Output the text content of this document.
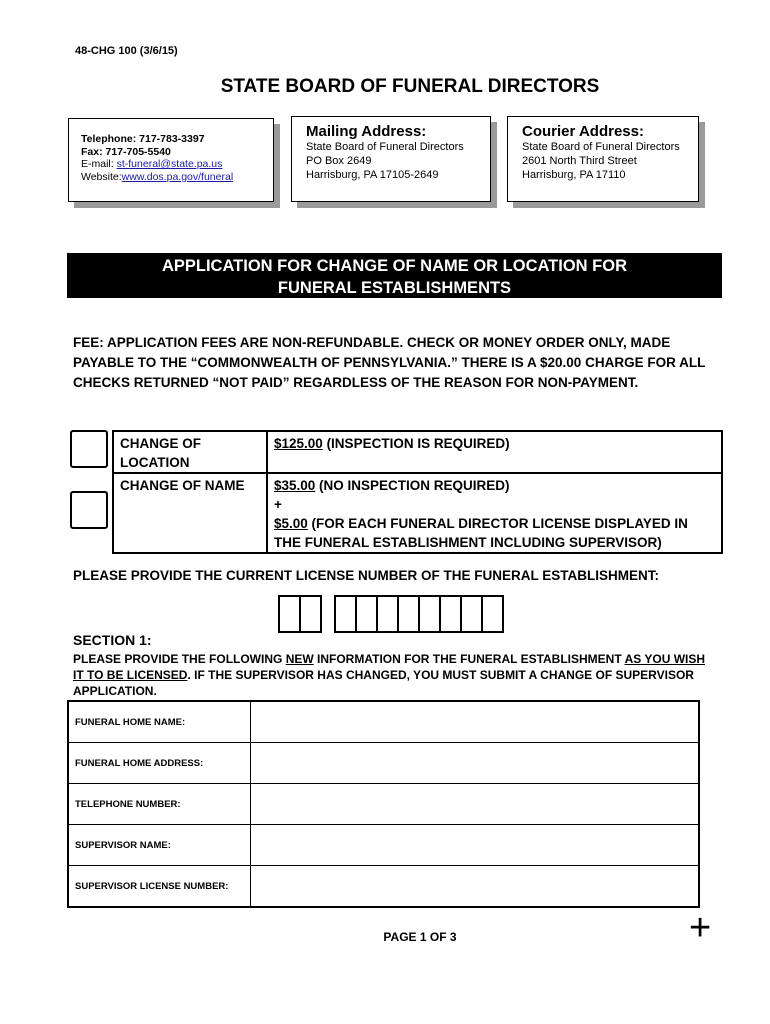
48-CHG 100 (3/6/15)
STATE BOARD OF FUNERAL DIRECTORS
Telephone: 717-783-3397
Fax: 717-705-5540
E-mail: st-funeral@state.pa.us
Website:www.dos.pa.gov/funeral
Mailing Address:
State Board of Funeral Directors
PO Box 2649
Harrisburg, PA 17105-2649
Courier Address:
State Board of Funeral Directors
2601 North Third Street
Harrisburg, PA 17110
APPLICATION FOR CHANGE OF NAME OR LOCATION FOR
FUNERAL ESTABLISHMENTS
FEE: APPLICATION FEES ARE NON-REFUNDABLE. CHECK OR MONEY ORDER ONLY, MADE PAYABLE TO THE “COMMONWEALTH OF PENNSYLVANIA.” THERE IS A $20.00 CHARGE FOR ALL CHECKS RETURNED “NOT PAID” REGARDLESS OF THE REASON FOR NON-PAYMENT.
CHANGE OF LOCATION	$125.00 (INSPECTION IS REQUIRED)
CHANGE OF NAME	$35.00 (NO INSPECTION REQUIRED)
+
$5.00 (FOR EACH FUNERAL DIRECTOR LICENSE DISPLAYED IN THE FUNERAL ESTABLISHMENT INCLUDING SUPERVISOR)
PLEASE PROVIDE THE CURRENT LICENSE NUMBER OF THE FUNERAL ESTABLISHMENT:
SECTION 1:
PLEASE PROVIDE THE FOLLOWING NEW INFORMATION FOR THE FUNERAL ESTABLISHMENT AS YOU WISH IT TO BE LICENSED. IF THE SUPERVISOR HAS CHANGED, YOU MUST SUBMIT A CHANGE OF SUPERVISOR APPLICATION.
FUNERAL HOME NAME:	
FUNERAL HOME ADDRESS:	
TELEPHONE NUMBER:	
SUPERVISOR NAME:	
SUPERVISOR LICENSE NUMBER:	
PAGE 1 OF 3	+
